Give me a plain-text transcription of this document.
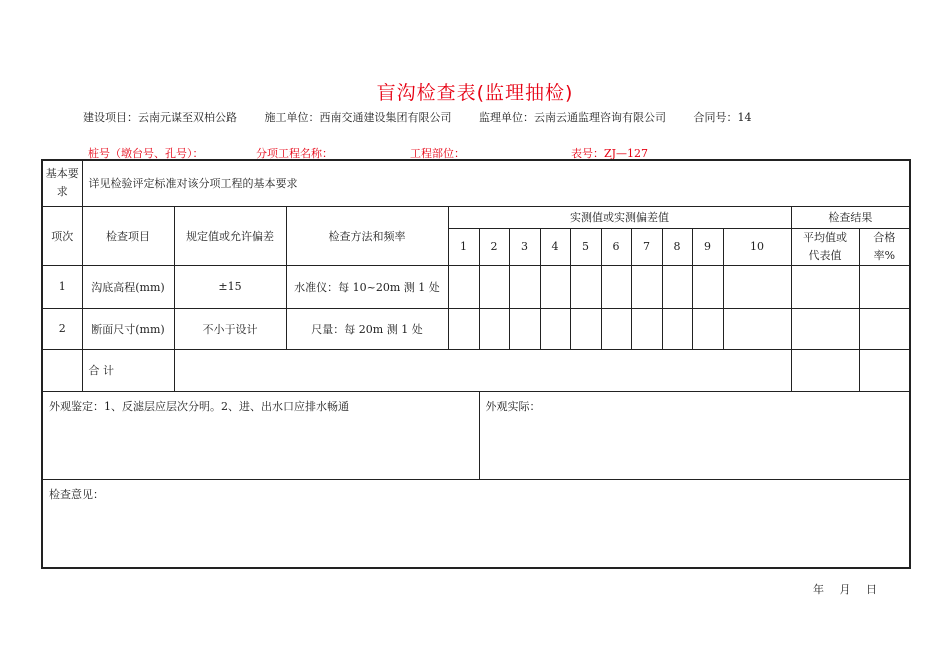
盲沟检查表(监理抽检)
建设项目：云南元谋至双柏公路	施工单位：西南交通建设集团有限公司	监理单位：云南云通监理咨询有限公司	合同号：14
桩号（墩台号、孔号）：	分项工程名称：	工程部位：	表号：ZJ—127
基本要求	详见检验评定标准对该分项工程的基本要求														
项次	检查项目	规定值或允许偏差	检查方法和频率	实测值或实测偏差值										检查结果	
				1	2	3	4	5	6	7	8	9	10	平均值或代表值	合格率%
1	沟底高程(mm)	±15	水准仪：每 10~20m 测 1 处												
2	断面尺寸(mm)	不小于设计	尺量：每 20m 测 1 处												
	合 计														
外观鉴定：1、反滤层应层次分明。2、进、出水口应排水畅通					外观实际：										
检查意见：															
年 月 日
